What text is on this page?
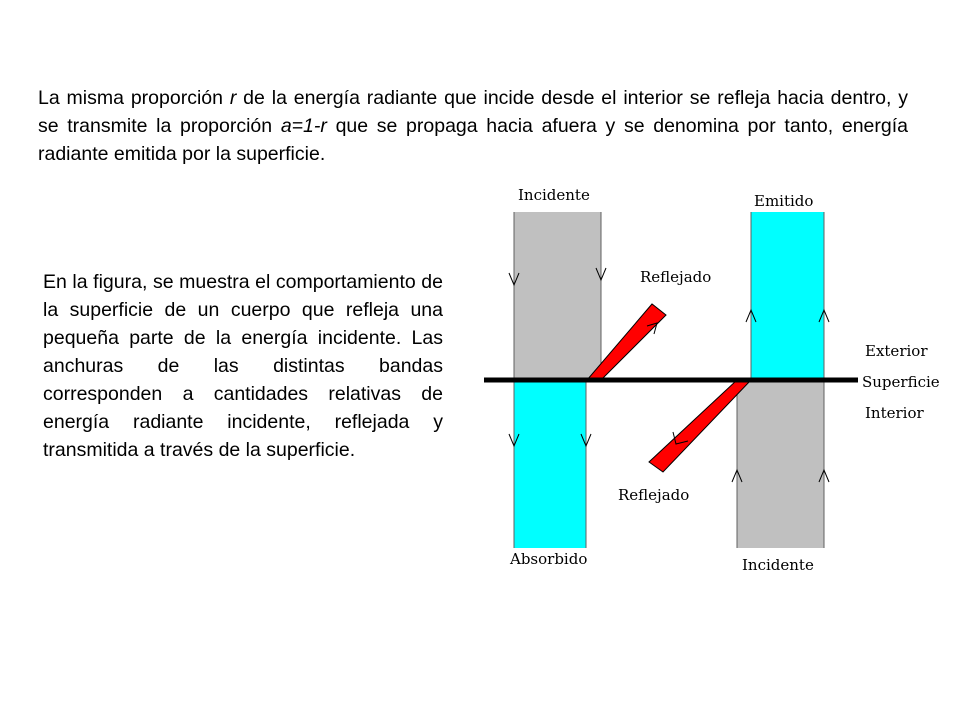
La misma proporción r de la energía radiante que incide desde el interior se refleja hacia dentro, y se transmite la proporción a=1-r que se propaga hacia afuera y se denomina por tanto, energía radiante emitida por la superficie.

En la figura, se muestra el comportamiento de la superficie de un cuerpo que refleja una pequeña parte de la energía incidente. Las anchuras de las distintas bandas corresponden a cantidades relativas de energía radiante incidente, reflejada y transmitida a través de la superficie.

Incidente	Emitido
Reflejado
Exterior
Superficie
Interior
Reflejado
Absorbido	Incidente
